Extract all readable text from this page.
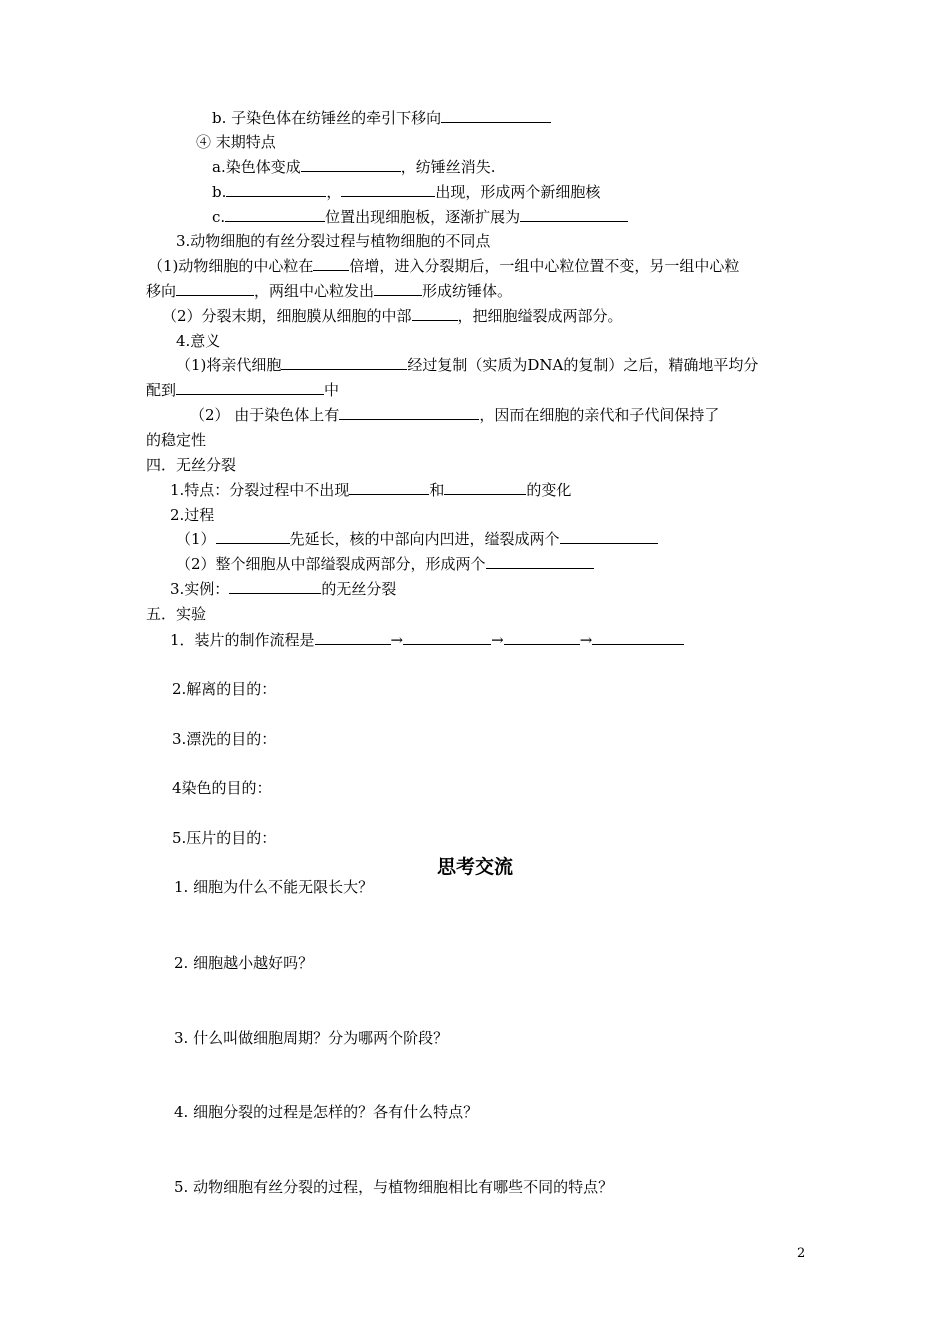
b. 子染色体在纺锤丝的牵引下移向
④ 末期特点
a.染色体变成	，纺锤丝消失.
b.	，	出现，形成两个新细胞核
c.	位置出现细胞板，逐渐扩展为
3.动物细胞的有丝分裂过程与植物细胞的不同点
（1)动物细胞的中心粒在 倍增，进入分裂期后，一组中心粒位置不变，另一组中心粒
移向	，两组中心粒发出	形成纺锤体。
（2）分裂末期，细胞膜从细胞的中部	，把细胞缢裂成两部分。
4.意义
（1)将亲代细胞	经过复制（实质为DNA的复制）之后，精确地平均分
配到	中
（2） 由于染色体上有	，因而在细胞的亲代和子代间保持了
的稳定性
四．无丝分裂
1.特点：分裂过程中不出现	和	的变化
2.过程
（1）	先延长，核的中部向内凹进，缢裂成两个
（2）整个细胞从中部缢裂成两部分，形成两个
3.实例：	的无丝分裂
五．实验
1．装片的制作流程是	→	→	→
2.解离的目的：
3.漂洗的目的：
4染色的目的：
5.压片的目的：
思考交流
1. 细胞为什么不能无限长大？
2. 细胞越小越好吗？
3. 什么叫做细胞周期？分为哪两个阶段？
4. 细胞分裂的过程是怎样的？各有什么特点？
5. 动物细胞有丝分裂的过程，与植物细胞相比有哪些不同的特点？
2
